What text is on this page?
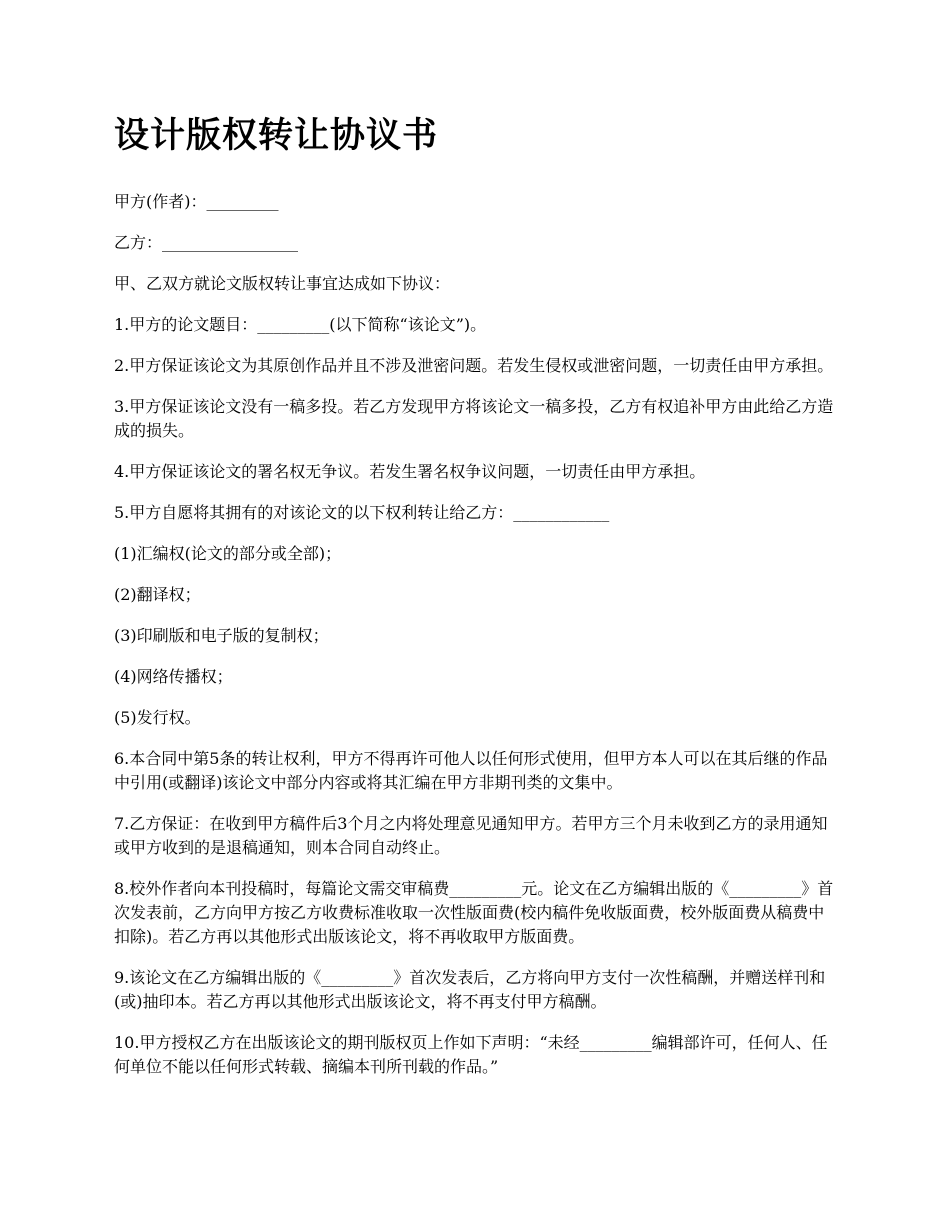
设计版权转让协议书

甲方(作者)：_________

乙方：_________________

甲、乙双方就论文版权转让事宜达成如下协议：

1.甲方的论文题目：_________(以下简称“该论文”)。

2.甲方保证该论文为其原创作品并且不涉及泄密问题。若发生侵权或泄密问题，一切责任由甲方承担。

3.甲方保证该论文没有一稿多投。若乙方发现甲方将该论文一稿多投，乙方有权追补甲方由此给乙方造成的损失。

4.甲方保证该论文的署名权无争议。若发生署名权争议问题，一切责任由甲方承担。

5.甲方自愿将其拥有的对该论文的以下权利转让给乙方：____________

(1)汇编权(论文的部分或全部)；

(2)翻译权；

(3)印刷版和电子版的复制权；

(4)网络传播权；

(5)发行权。

6.本合同中第5条的转让权利，甲方不得再许可他人以任何形式使用，但甲方本人可以在其后继的作品中引用(或翻译)该论文中部分内容或将其汇编在甲方非期刊类的文集中。

7.乙方保证：在收到甲方稿件后3个月之内将处理意见通知甲方。若甲方三个月未收到乙方的录用通知或甲方收到的是退稿通知，则本合同自动终止。

8.校外作者向本刊投稿时，每篇论文需交审稿费_________元。论文在乙方编辑出版的《_________》首次发表前，乙方向甲方按乙方收费标准收取一次性版面费(校内稿件免收版面费，校外版面费从稿费中扣除)。若乙方再以其他形式出版该论文，将不再收取甲方版面费。

9.该论文在乙方编辑出版的《_________》首次发表后，乙方将向甲方支付一次性稿酬，并赠送样刊和(或)抽印本。若乙方再以其他形式出版该论文，将不再支付甲方稿酬。

10.甲方授权乙方在出版该论文的期刊版权页上作如下声明：“未经_________编辑部许可，任何人、任何单位不能以任何形式转载、摘编本刊所刊载的作品。”
